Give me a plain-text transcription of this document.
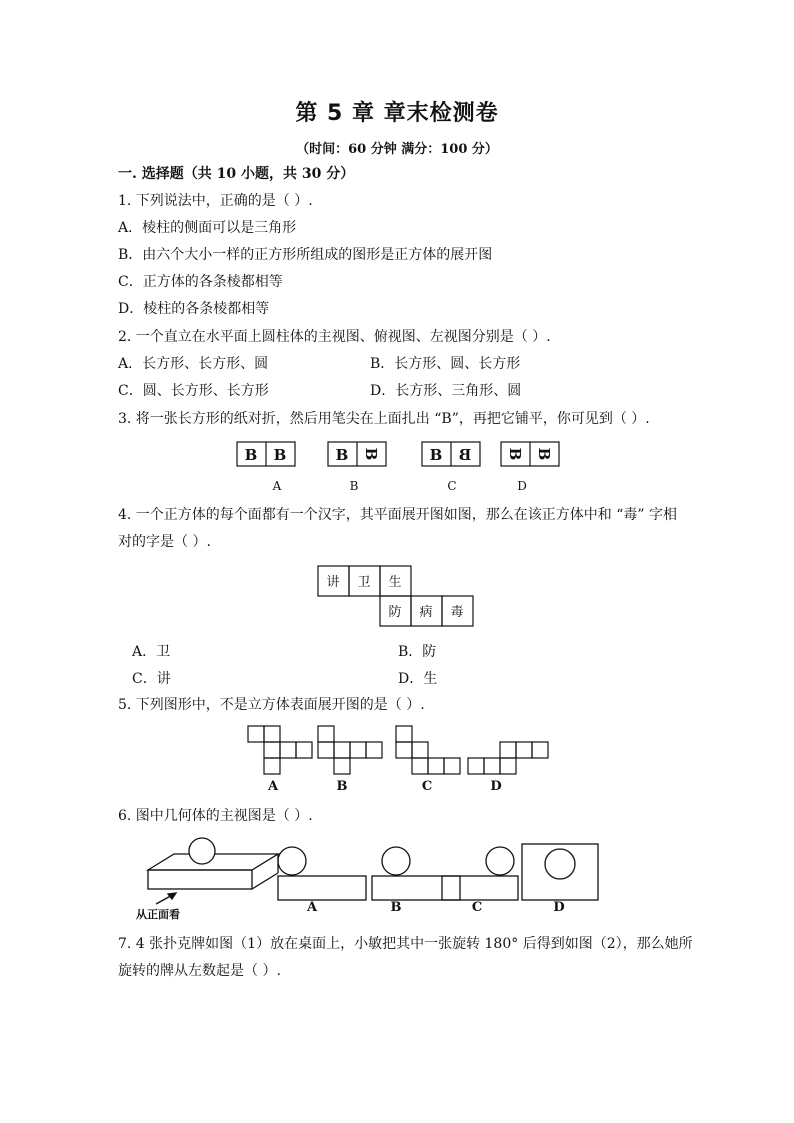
第 5 章 章末检测卷
（时间：60 分钟 满分：100 分）
一. 选择题（共 10 小题，共 30 分）
1. 下列说法中，正确的是（ ）.
A．棱柱的侧面可以是三角形
B．由六个大小一样的正方形所组成的图形是正方体的展开图
C．正方体的各条棱都相等
D．棱柱的各条棱都相等
2. 一个直立在水平面上圆柱体的主视图、俯视图、左视图分别是（ ）.
A．长方形、长方形、圆	B．长方形、圆、长方形
C．圆、长方形、长方形	D．长方形、三角形、圆
3. 将一张长方形的纸对折，然后用笔尖在上面扎出 “B”，再把它铺平，你可见到（ ）.
B B	B B	B B B B
A	B	C	D
4. 一个正方体的每个面都有一个汉字，其平面展开图如图，那么在该正方体中和 “毒” 字相
对的字是（ ）.
讲 卫 生
防 病 毒
A．卫	B．防
C．讲	D．生
5. 下列图形中，不是立方体表面展开图的是（ ）.
A	B	C	D
6. 图中几何体的主视图是（ ）.
从正面看	A	B	C	D
7. 4 张扑克牌如图（1）放在桌面上，小敏把其中一张旋转 180° 后得到如图（2），那么她所
旋转的牌从左数起是（ ）.
